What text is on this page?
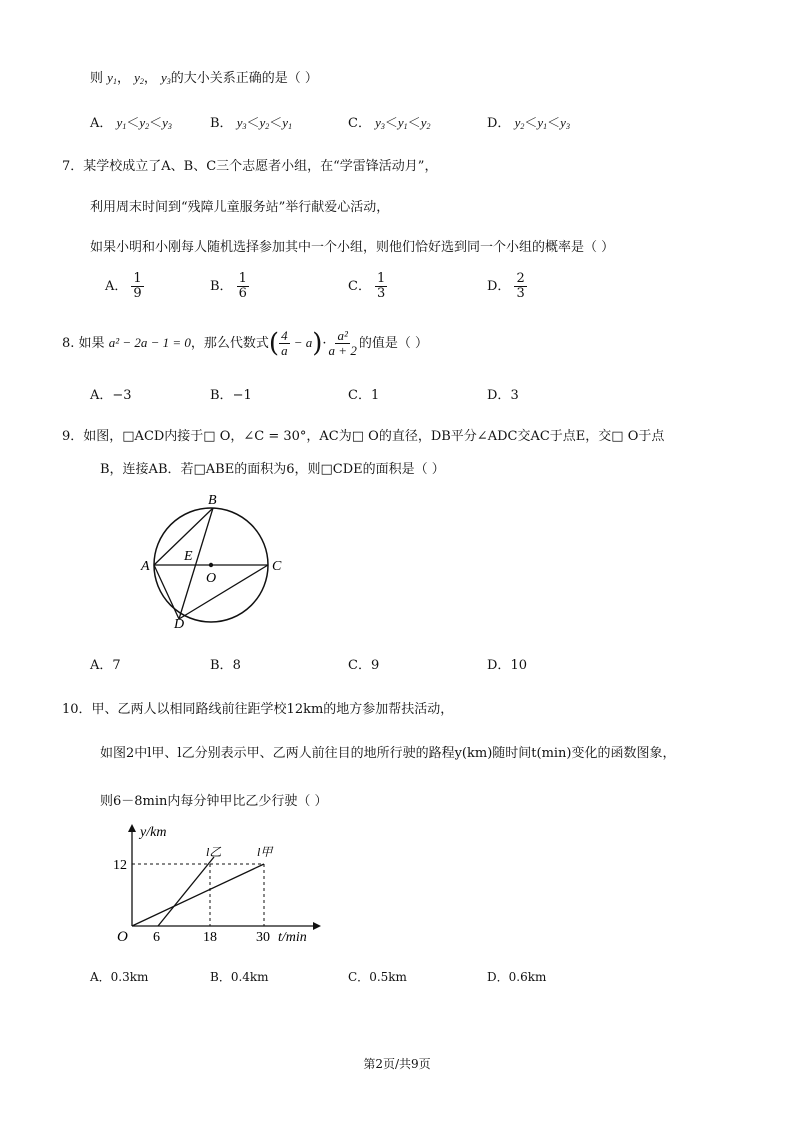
则 $y_1$， $y_2$， $y_3$的大小关系正确的是（ ）
A． $y_1<y_2<y_3$	B． $y_3<y_2<y_1$	C． $y_3<y_1<y_2$	D． $y_2<y_1<y_3$
7．某学校成立了A、B、C三个志愿者小组，在“学雷锋活动月”，
利用周末时间到“残障儿童服务站”举行献爱心活动，
如果小明和小刚每人随机选择参加其中一个小组，则他们恰好选到同一个小组的概率是（ ）
A． $\frac{1}{9}$	B． $\frac{1}{6}$	C． $\frac{1}{3}$	D． $\frac{2}{3}$
8. 如果 a² − 2a − 1 = 0，那么代数式( $\frac{4}{a} - a)\cdot \frac{\text{a²}}{a + 2}$ 的值是（ ）
A．−3	B．−1	C．1	D．3
9．如图，□ACD内接于□ O，∠C = 30°，AC为□ O的直径，DB平分∠ADC交AC于点E，交□ O于点
B，连接AB．若□ABE的面积为6，则□CDE的面积是（ ）
B
A	C
D
E
O
A．7	B．8	C．9	D．10
10．甲、乙两人以相同路线前往距学校12km的地方参加帮扶活动，
如图2中l甲、l乙分别表示甲、乙两人前往目的地所行驶的路程y(km)随时间t(min)变化的函数图象，
则6－8min内每分钟甲比乙少行驶（ ）
y/km
t/min
O
12
6	18	30
l乙	l甲
A．0.3km	B．0.4km	C．0.5km	D．0.6km
第2页/共9页
